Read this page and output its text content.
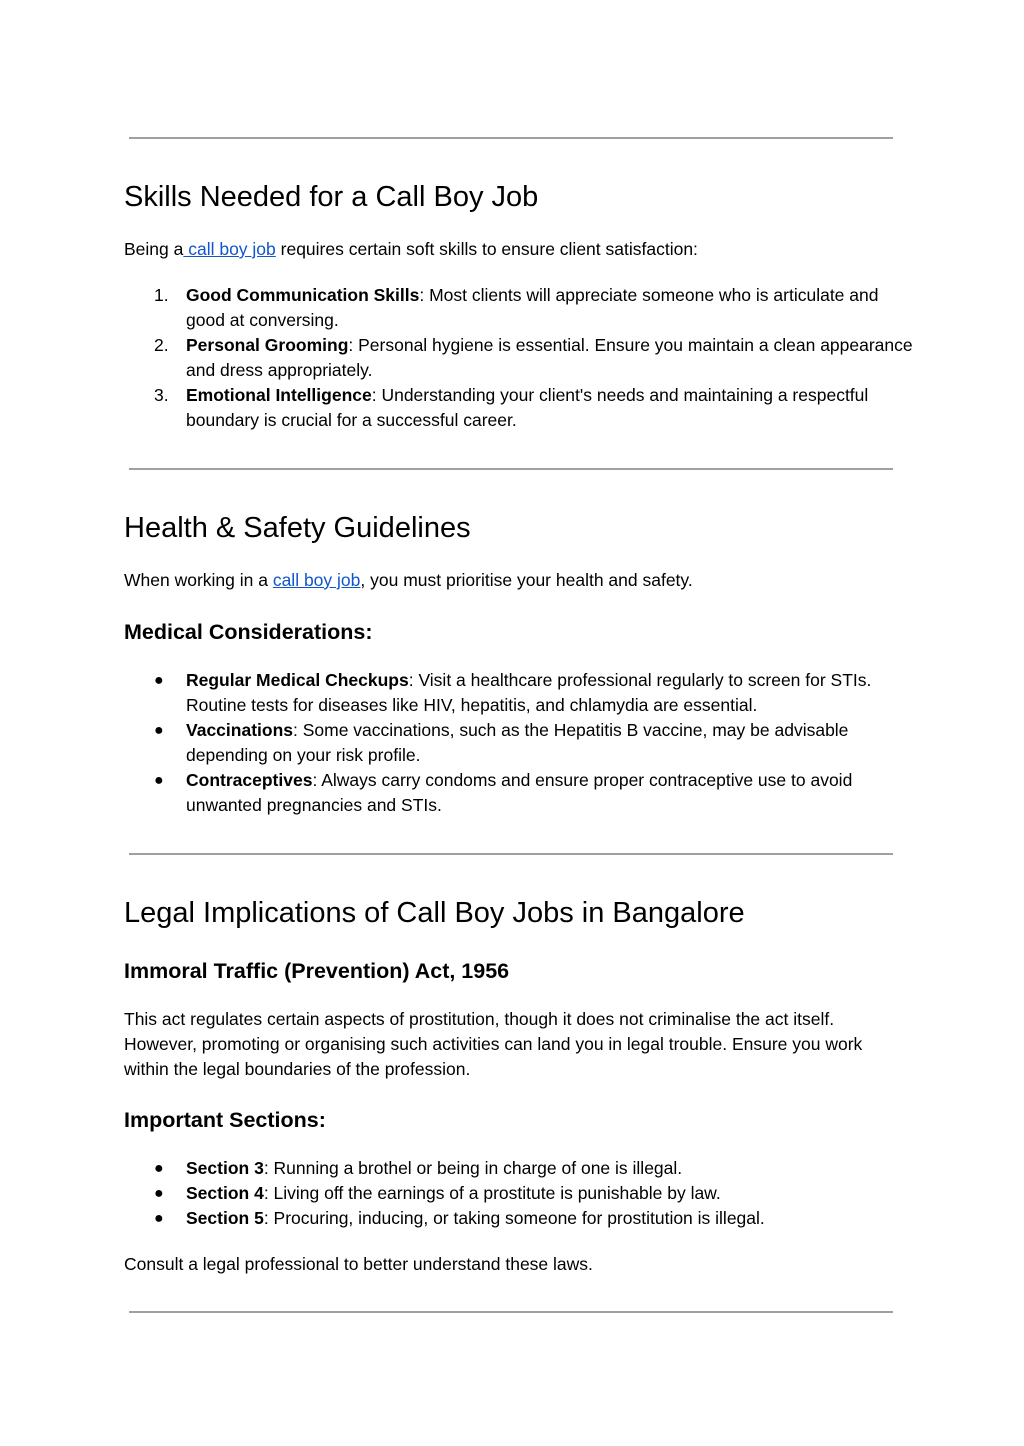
Skills Needed for a Call Boy Job

Being a call boy job requires certain soft skills to ensure client satisfaction:

1. Good Communication Skills: Most clients will appreciate someone who is articulate and good at conversing.
2. Personal Grooming: Personal hygiene is essential. Ensure you maintain a clean appearance and dress appropriately.
3. Emotional Intelligence: Understanding your client's needs and maintaining a respectful boundary is crucial for a successful career.
Health & Safety Guidelines

When working in a call boy job, you must prioritise your health and safety.

Medical Considerations:
●	Regular Medical Checkups: Visit a healthcare professional regularly to screen for STIs. Routine tests for diseases like HIV, hepatitis, and chlamydia are essential.
●	Vaccinations: Some vaccinations, such as the Hepatitis B vaccine, may be advisable depending on your risk profile.
●	Contraceptives: Always carry condoms and ensure proper contraceptive use to avoid unwanted pregnancies and STIs.
Legal Implications of Call Boy Jobs in Bangalore
Immoral Traffic (Prevention) Act, 1956

This act regulates certain aspects of prostitution, though it does not criminalise the act itself. However, promoting or organising such activities can land you in legal trouble. Ensure you work within the legal boundaries of the profession.

Important Sections:
●	Section 3: Running a brothel or being in charge of one is illegal.
●	Section 4: Living off the earnings of a prostitute is punishable by law.
●	Section 5: Procuring, inducing, or taking someone for prostitution is illegal.

Consult a legal professional to better understand these laws.
